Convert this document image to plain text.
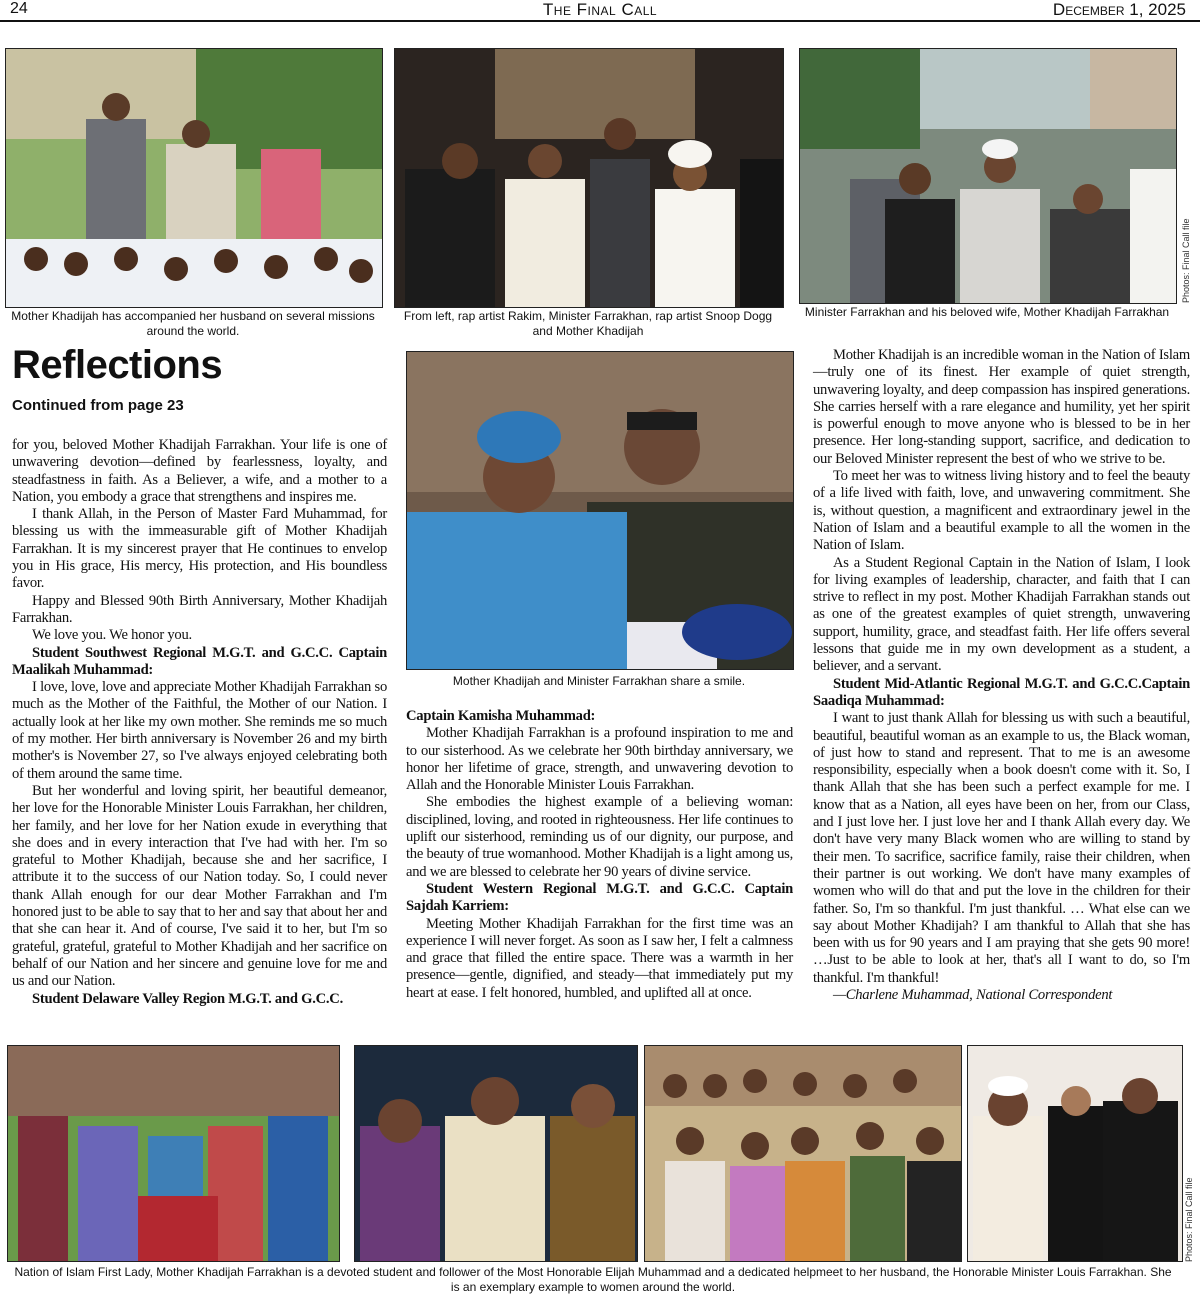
24	The Final Call	December 1, 2025
Mother Khadijah has accompanied her husband on several missions around the world.
From left, rap artist Rakim, Minister Farrakhan, rap artist Snoop Dogg and Mother Khadijah
Minister Farrakhan and his beloved wife, Mother Khadijah Farrakhan
Photos: Final Call file
Reflections
Continued from page 23

for you, beloved Mother Khadijah Farrakhan. Your life is one of unwavering devotion—defined by fearlessness, loyalty, and steadfastness in faith. As a Believer, a wife, and a mother to a Nation, you embody a grace that strengthens and inspires me.

I thank Allah, in the Person of Master Fard Muhammad, for blessing us with the immeasurable gift of Mother Khadijah Farrakhan. It is my sincerest prayer that He continues to envelop you in His grace, His mercy, His protection, and His boundless favor.

Happy and Blessed 90th Birth Anniversary, Mother Khadijah Farrakhan.

We love you. We honor you.

Student Southwest Regional M.G.T. and G.C.C. Captain Maalikah Muhammad:

I love, love, love and appreciate Mother Khadijah Farrakhan so much as the Mother of the Faithful, the Mother of our Nation. I actually look at her like my own mother. She reminds me so much of my mother. Her birth anniversary is November 26 and my birth mother's is November 27, so I've always enjoyed celebrating both of them around the same time.

But her wonderful and loving spirit, her beautiful demeanor, her love for the Honorable Minister Louis Farrakhan, her children, her family, and her love for her Nation exude in everything that she does and in every interaction that I've had with her. I'm so grateful to Mother Khadijah, because she and her sacrifice, I attribute it to the success of our Nation today. So, I could never thank Allah enough for our dear Mother Farrakhan and I'm honored just to be able to say that to her and say that about her and that she can hear it. And of course, I've said it to her, but I'm so grateful, grateful, grateful to Mother Khadijah and her sacrifice on behalf of our Nation and her sincere and genuine love for me and us and our Nation.

Student Delaware Valley Region M.G.T. and G.C.C.

Mother Khadijah and Minister Farrakhan share a smile.

Captain Kamisha Muhammad:

Mother Khadijah Farrakhan is a profound inspiration to me and to our sisterhood. As we celebrate her 90th birthday anniversary, we honor her lifetime of grace, strength, and unwavering devotion to Allah and the Honorable Minister Louis Farrakhan.

She embodies the highest example of a believing woman: disciplined, loving, and rooted in righteousness. Her life continues to uplift our sisterhood, reminding us of our dignity, our purpose, and the beauty of true womanhood. Mother Khadijah is a light among us, and we are blessed to celebrate her 90 years of divine service.

Student Western Regional M.G.T. and G.C.C. Captain Sajdah Karriem:

Meeting Mother Khadijah Farrakhan for the first time was an experience I will never forget. As soon as I saw her, I felt a calmness and grace that filled the entire space. There was a warmth in her presence—gentle, dignified, and steady—that immediately put my heart at ease. I felt honored, humbled, and uplifted all at once.

Mother Khadijah is an incredible woman in the Nation of Islam—truly one of its finest. Her example of quiet strength, unwavering loyalty, and deep compassion has inspired generations. She carries herself with a rare elegance and humility, yet her spirit is powerful enough to move anyone who is blessed to be in her presence. Her long-standing support, sacrifice, and dedication to our Beloved Minister represent the best of who we strive to be.

To meet her was to witness living history and to feel the beauty of a life lived with faith, love, and unwavering commitment. She is, without question, a magnificent and extraordinary jewel in the Nation of Islam and a beautiful example to all the women in the Nation of Islam.

As a Student Regional Captain in the Nation of Islam, I look for living examples of leadership, character, and faith that I can strive to reflect in my post. Mother Khadijah Farrakhan stands out as one of the greatest examples of quiet strength, unwavering support, humility, grace, and steadfast faith. Her life offers several lessons that guide me in my own development as a student, a believer, and a servant.

Student Mid-Atlantic Regional M.G.T. and G.C.C.Captain Saadiqa Muhammad:

I want to just thank Allah for blessing us with such a beautiful, beautiful, beautiful woman as an example to us, the Black woman, of just how to stand and represent. That to me is an awesome responsibility, especially when a book doesn't come with it. So, I thank Allah that she has been such a perfect example for me. I know that as a Nation, all eyes have been on her, from our Class, and I just love her. I just love her and I thank Allah every day. We don't have very many Black women who are willing to stand by their men. To sacrifice, sacrifice family, raise their children, when their partner is out working. We don't have many examples of women who will do that and put the love in the children for their father. So, I'm so thankful. I'm just thankful. … What else can we say about Mother Khadijah? I am thankful to Allah that she has been with us for 90 years and I am praying that she gets 90 more! …Just to be able to look at her, that's all I want to do, so I'm thankful. I'm thankful!

—Charlene Muhammad, National Correspondent

Photos: Final Call file
Nation of Islam First Lady, Mother Khadijah Farrakhan is a devoted student and follower of the Most Honorable Elijah Muhammad and a dedicated helpmeet to her husband, the Honorable Minister Louis Farrakhan. She is an exemplary example to women around the world.
